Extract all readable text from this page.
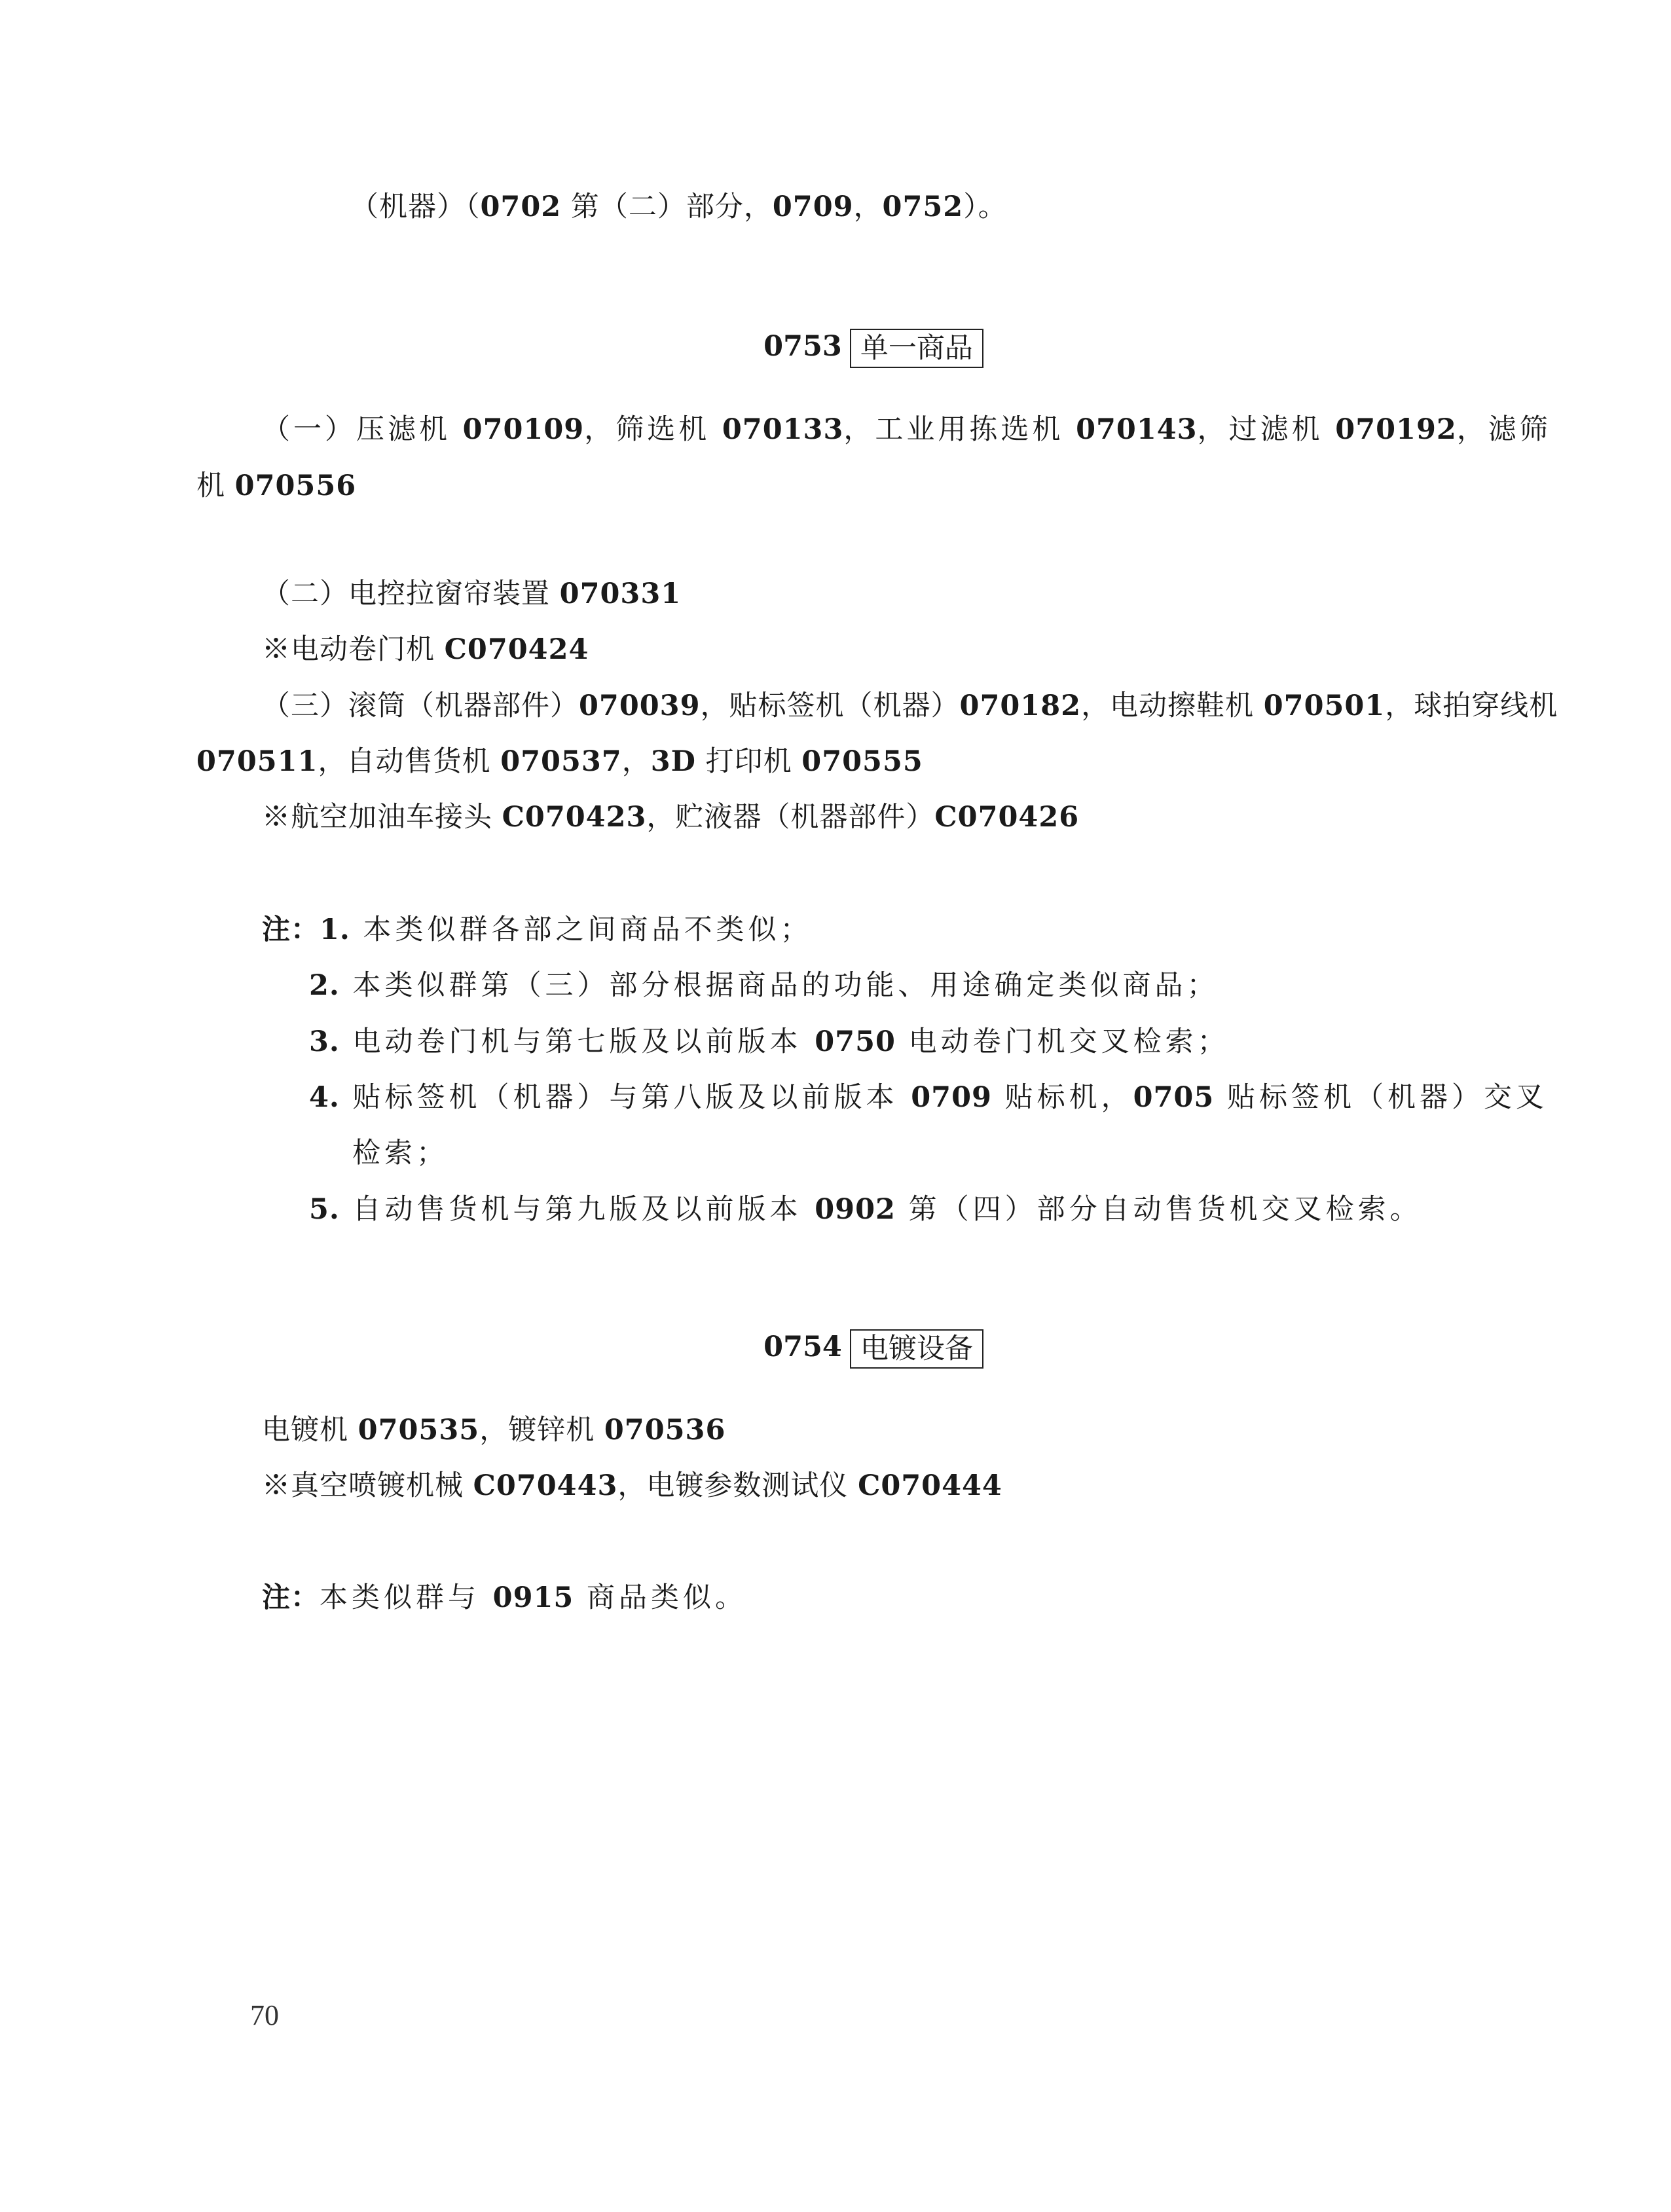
（机器）（0702 第（二）部分，0709，0752）。
0753 单一商品
（一）压滤机 070109，筛选机 070133，工业用拣选机 070143，过滤机 070192，滤筛
机 070556
（二）电控拉窗帘装置 070331
※电动卷门机 C070424
（三）滚筒（机器部件）070039，贴标签机（机器）070182，电动擦鞋机 070501，球拍穿线机
070511，自动售货机 070537，3D 打印机 070555
※航空加油车接头 C070423，贮液器（机器部件）C070426
注：1. 本类似群各部之间商品不类似；
2. 本类似群第（三）部分根据商品的功能、用途确定类似商品；
3. 电动卷门机与第七版及以前版本 0750 电动卷门机交叉检索；
4. 贴标签机（机器）与第八版及以前版本 0709 贴标机，0705 贴标签机（机器）交叉
检索；
5. 自动售货机与第九版及以前版本 0902 第（四）部分自动售货机交叉检索。
0754 电镀设备
电镀机 070535，镀锌机 070536
※真空喷镀机械 C070443，电镀参数测试仪 C070444
注：本类似群与 0915 商品类似。
70
